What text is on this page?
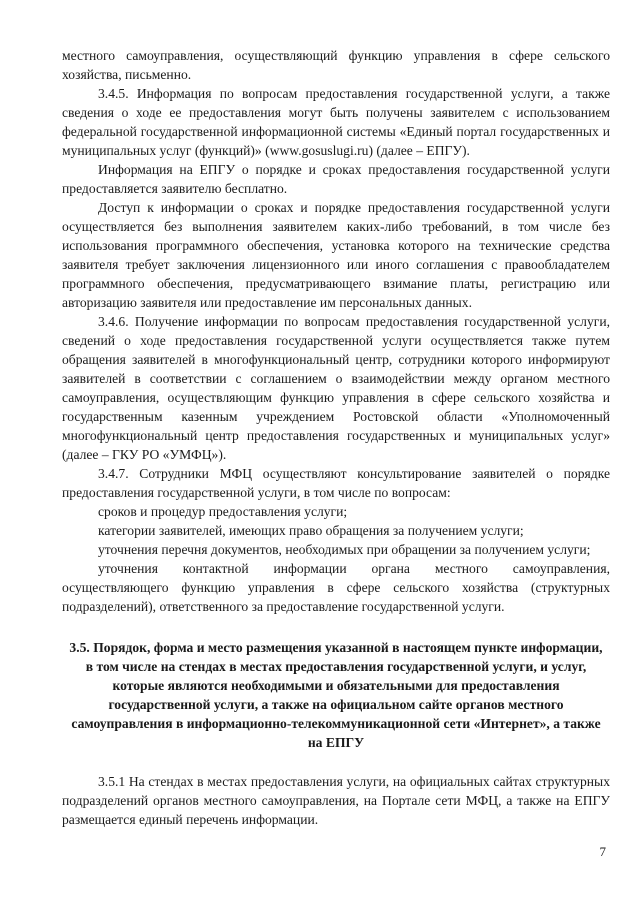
местного самоуправления, осуществляющий функцию управления в сфере сельского хозяйства, письменно.

3.4.5. Информация по вопросам предоставления государственной услуги, а также сведения о ходе ее предоставления могут быть получены заявителем с использованием федеральной государственной информационной системы «Единый портал государственных и муниципальных услуг (функций)» (www.gosuslugi.ru) (далее – ЕПГУ).

Информация на ЕПГУ о порядке и сроках предоставления государственной услуги предоставляется заявителю бесплатно.

Доступ к информации о сроках и порядке предоставления государственной услуги осуществляется без выполнения заявителем каких-либо требований, в том числе без использования программного обеспечения, установка которого на технические средства заявителя требует заключения лицензионного или иного соглашения с правообладателем программного обеспечения, предусматривающего взимание платы, регистрацию или авторизацию заявителя или предоставление им персональных данных.

3.4.6. Получение информации по вопросам предоставления государственной услуги, сведений о ходе предоставления государственной услуги осуществляется также путем обращения заявителей в многофункциональный центр, сотрудники которого информируют заявителей в соответствии с соглашением о взаимодействии между органом местного самоуправления, осуществляющим функцию управления в сфере сельского хозяйства и государственным казенным учреждением Ростовской области «Уполномоченный многофункциональный центр предоставления государственных и муниципальных услуг» (далее – ГКУ РО «УМФЦ»).

3.4.7. Сотрудники МФЦ осуществляют консультирование заявителей о порядке предоставления государственной услуги, в том числе по вопросам:

сроков и процедур предоставления услуги;

категории заявителей, имеющих право обращения за получением услуги;

уточнения перечня документов, необходимых при обращении за получением услуги;

уточнения контактной информации органа местного самоуправления, осуществляющего функцию управления в сфере сельского хозяйства (структурных подразделений), ответственного за предоставление государственной услуги.

3.5. Порядок, форма и место размещения указанной в настоящем пункте информации, в том числе на стендах в местах предоставления государственной услуги, и услуг, которые являются необходимыми и обязательными для предоставления государственной услуги, а также на официальном сайте органов местного самоуправления в информационно-телекоммуникационной сети «Интернет», а также на ЕПГУ

3.5.1 На стендах в местах предоставления услуги, на официальных сайтах структурных подразделений органов местного самоуправления, на Портале сети МФЦ, а также на ЕПГУ размещается единый перечень информации.

7
